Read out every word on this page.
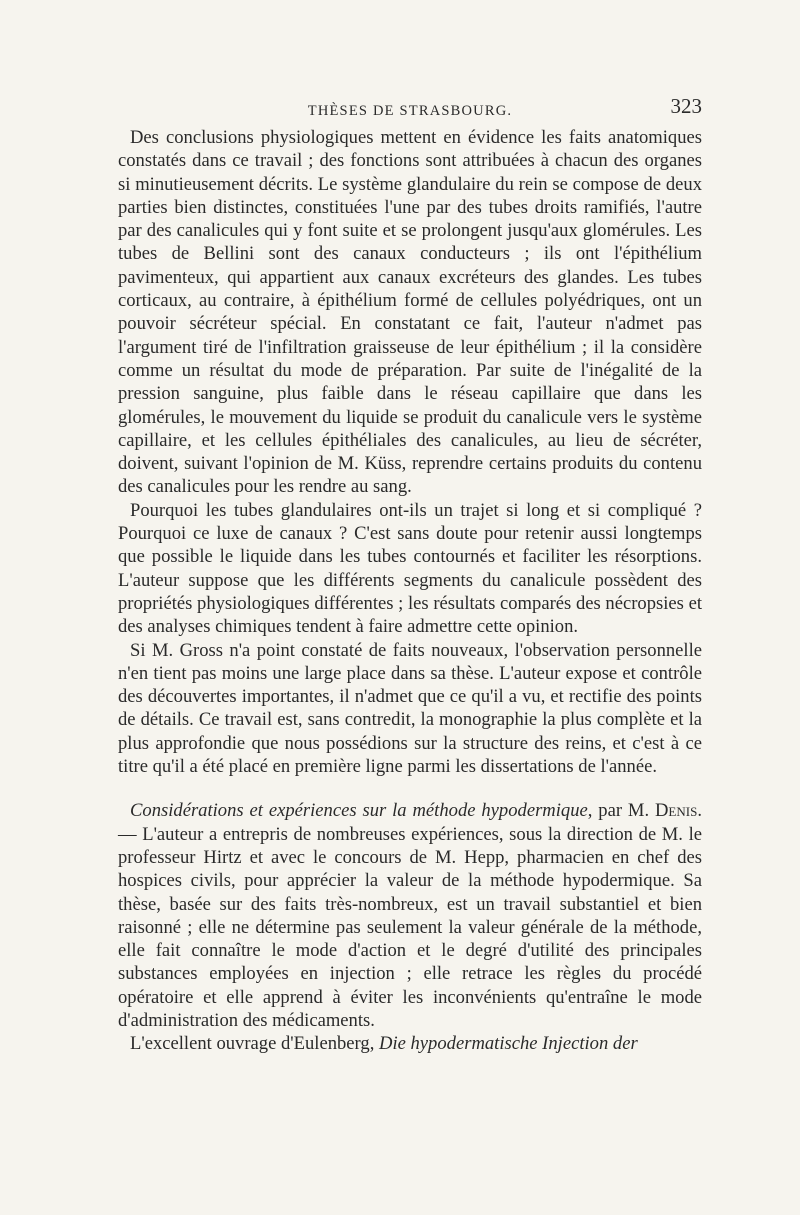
THÈSES DE STRASBOURG.	323

Des conclusions physiologiques mettent en évidence les faits anatomiques constatés dans ce travail ; des fonctions sont attribuées à chacun des organes si minutieusement décrits. Le système glandulaire du rein se compose de deux parties bien distinctes, constituées l'une par des tubes droits ramifiés, l'autre par des canalicules qui y font suite et se prolongent jusqu'aux glomérules. Les tubes de Bellini sont des canaux conducteurs ; ils ont l'épithélium pavimenteux, qui appartient aux canaux excréteurs des glandes. Les tubes corticaux, au contraire, à épithélium formé de cellules polyédriques, ont un pouvoir sécréteur spécial. En constatant ce fait, l'auteur n'admet pas l'argument tiré de l'infiltration graisseuse de leur épithélium ; il la considère comme un résultat du mode de préparation. Par suite de l'inégalité de la pression sanguine, plus faible dans le réseau capillaire que dans les glomérules, le mouvement du liquide se produit du canalicule vers le système capillaire, et les cellules épithéliales des canalicules, au lieu de sécréter, doivent, suivant l'opinion de M. Küss, reprendre certains produits du contenu des canalicules pour les rendre au sang.

Pourquoi les tubes glandulaires ont-ils un trajet si long et si compliqué ? Pourquoi ce luxe de canaux ? C'est sans doute pour retenir aussi longtemps que possible le liquide dans les tubes contournés et faciliter les résorptions. L'auteur suppose que les différents segments du canalicule possèdent des propriétés physiologiques différentes ; les résultats comparés des nécropsies et des analyses chimiques tendent à faire admettre cette opinion.

Si M. Gross n'a point constaté de faits nouveaux, l'observation personnelle n'en tient pas moins une large place dans sa thèse. L'auteur expose et contrôle des découvertes importantes, il n'admet que ce qu'il a vu, et rectifie des points de détails. Ce travail est, sans contredit, la monographie la plus complète et la plus approfondie que nous possédions sur la structure des reins, et c'est à ce titre qu'il a été placé en première ligne parmi les dissertations de l'année.

Considérations et expériences sur la méthode hypodermique, par M. Denis. — L'auteur a entrepris de nombreuses expériences, sous la direction de M. le professeur Hirtz et avec le concours de M. Hepp, pharmacien en chef des hospices civils, pour apprécier la valeur de la méthode hypodermique. Sa thèse, basée sur des faits très-nombreux, est un travail substantiel et bien raisonné ; elle ne détermine pas seulement la valeur générale de la méthode, elle fait connaître le mode d'action et le degré d'utilité des principales substances employées en injection ; elle retrace les règles du procédé opératoire et elle apprend à éviter les inconvénients qu'entraîne le mode d'administration des médicaments.

L'excellent ouvrage d'Eulenberg, Die hypodermatische Injection der
